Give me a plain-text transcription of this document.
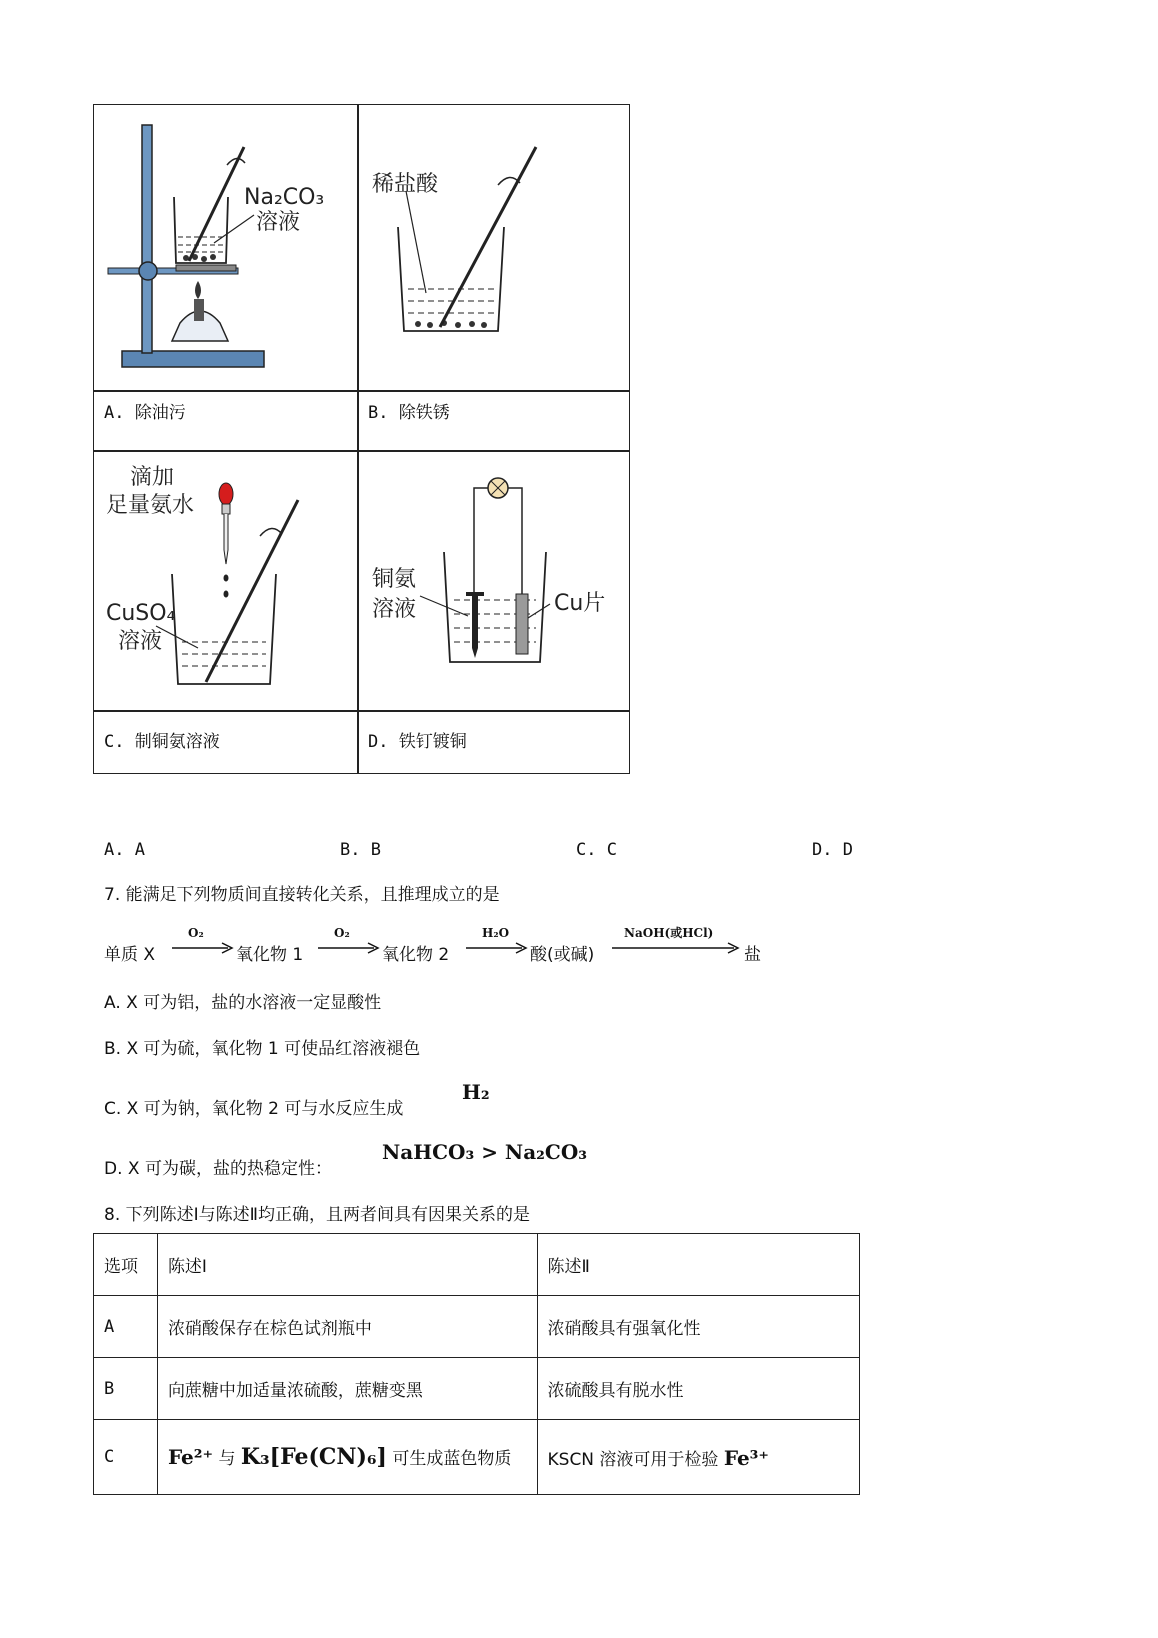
Na₂CO₃
溶液
稀盐酸
A. 除油污	B. 除铁锈
滴加
足量氨水
CuSO₄
溶液
铜氨
溶液	Cu片
C. 制铜氨溶液	D. 铁钉镀铜
A. A	B. B	C. C	D. D
7. 能满足下列物质间直接转化关系，且推理成立的是
单质 X
O₂
氧化物 1
O₂
氧化物 2
H₂O
酸(或碱)
NaOH(或HCl)
盐
A. X 可为铝，盐的水溶液一定显酸性
B. X 可为硫，氧化物 1 可使品红溶液褪色
C. X 可为钠，氧化物 2 可与水反应生成
H₂
D. X 可为碳，盐的热稳定性：
NaHCO₃ > Na₂CO₃
8. 下列陈述Ⅰ与陈述Ⅱ均正确，且两者间具有因果关系的是
选项	陈述Ⅰ	陈述Ⅱ
A	浓硝酸保存在棕色试剂瓶中	浓硝酸具有强氧化性
B	向蔗糖中加适量浓硫酸，蔗糖变黑	浓硫酸具有脱水性
C	Fe²⁺ 与 K₃[Fe(CN)₆] 可生成蓝色物质	KSCN 溶液可用于检验 Fe³⁺
